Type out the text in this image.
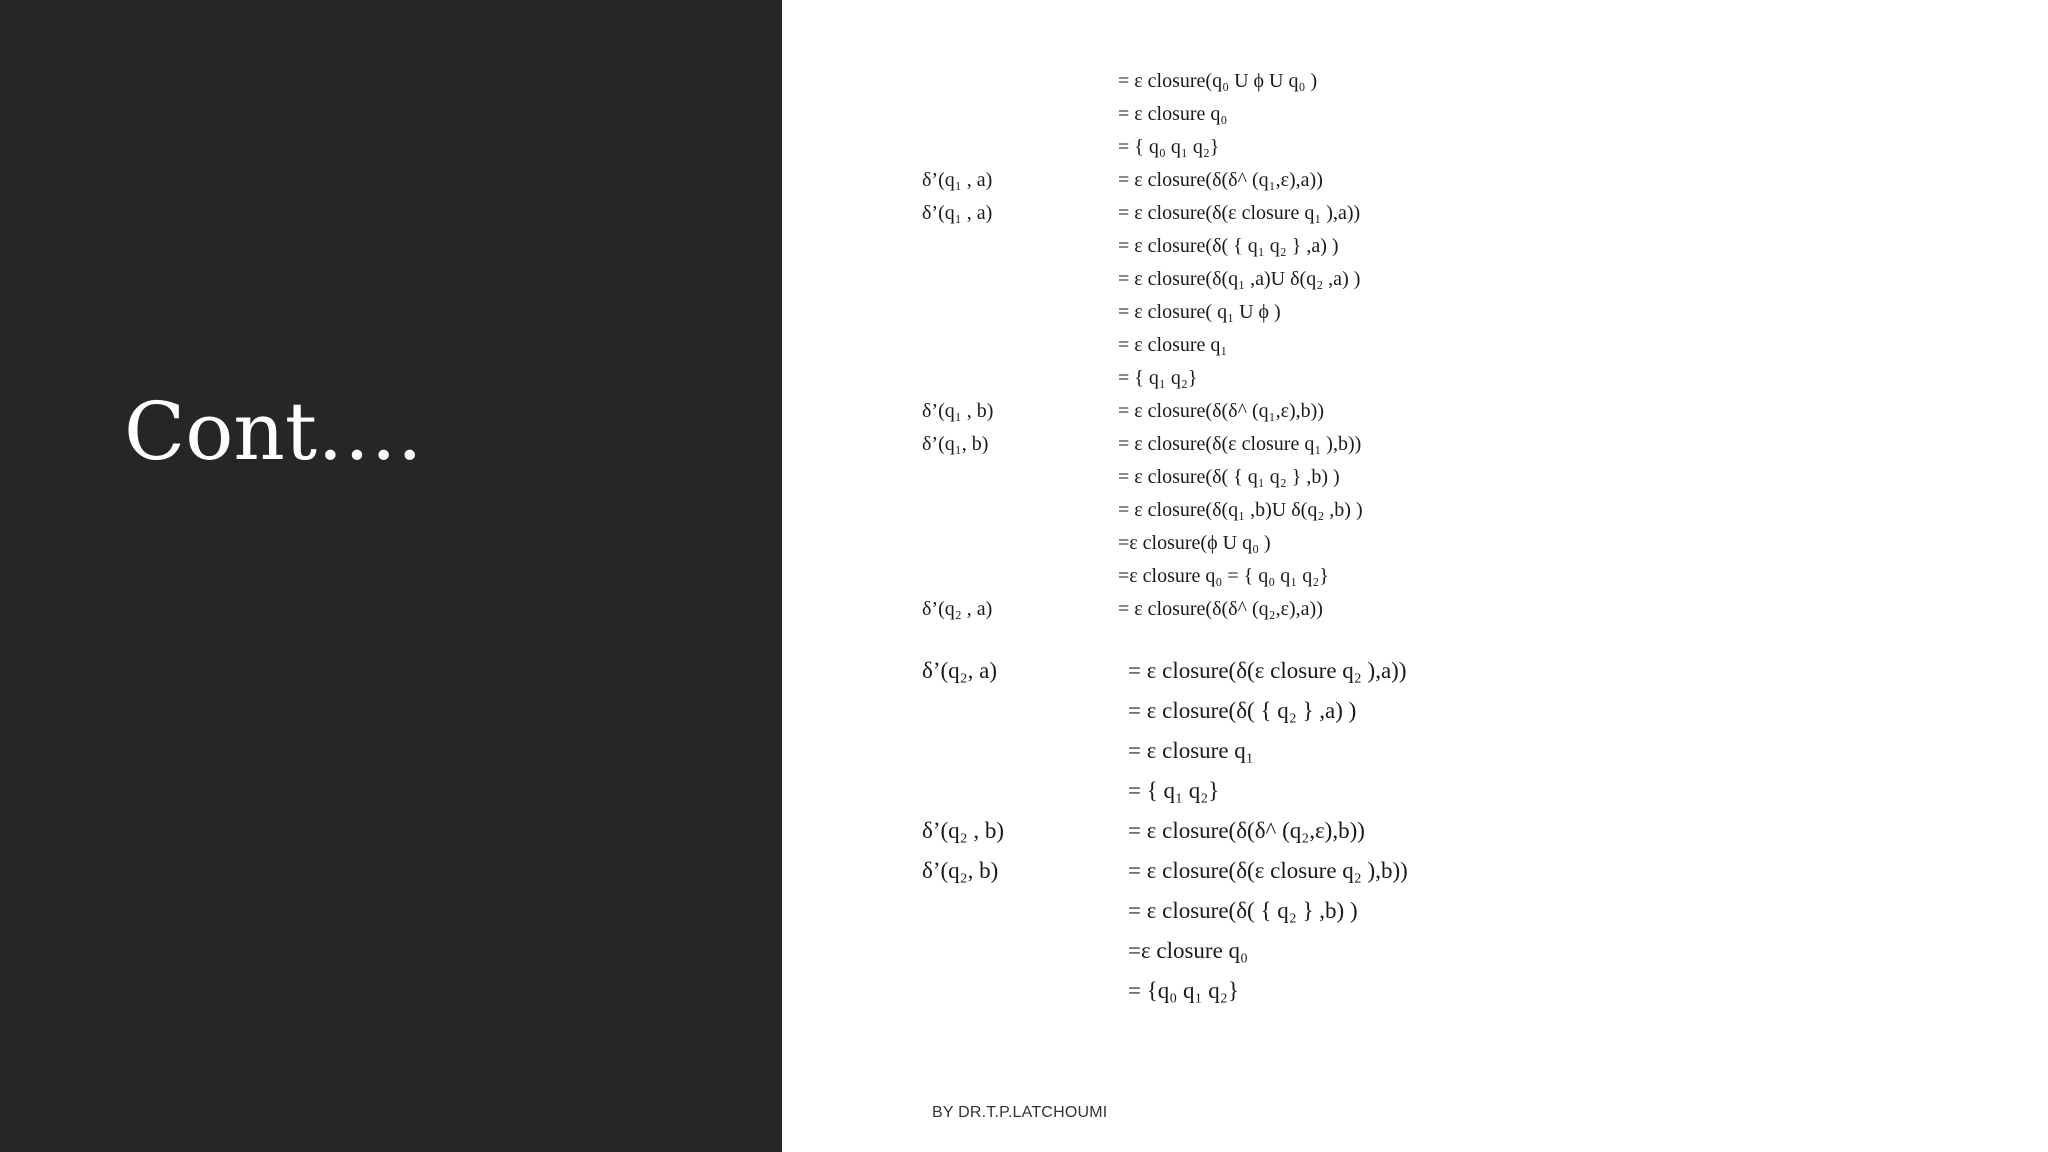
Cont….
= ε closure(q₀ U ϕ U q₀ )
= ε closure q₀
= { q₀ q₁ q₂}
δ’(q₁ , a)	= ε closure(δ(δ^ (q₁,ε),a))
δ’(q₁ , a)	= ε closure(δ(ε closure q₁ ),a))
= ε closure(δ( { q₁ q₂ } ,a) )
= ε closure(δ(q₁ ,a)U δ(q₂ ,a) )
= ε closure( q₁ U ϕ )
= ε closure q₁
= { q₁ q₂}
δ’(q₁ , b)	= ε closure(δ(δ^ (q₁,ε),b))
δ’(q₁, b)	= ε closure(δ(ε closure q₁ ),b))
= ε closure(δ( { q₁ q₂ } ,b) )
= ε closure(δ(q₁ ,b)U δ(q₂ ,b) )
=ε closure(ϕ U q₀ )
=ε closure q₀ = { q₀ q₁ q₂}
δ’(q₂ , a)	= ε closure(δ(δ^ (q₂,ε),a))
δ’(q₂, a)	= ε closure(δ(ε closure q₂ ),a))
= ε closure(δ( { q₂ } ,a) )
= ε closure q₁
= { q₁ q₂}
δ’(q₂ , b)	= ε closure(δ(δ^ (q₂,ε),b))
δ’(q₂, b)	= ε closure(δ(ε closure q₂ ),b))
= ε closure(δ( { q₂ } ,b) )
=ε closure q₀
= {q₀ q₁ q₂}
BY DR.T.P.LATCHOUMI
